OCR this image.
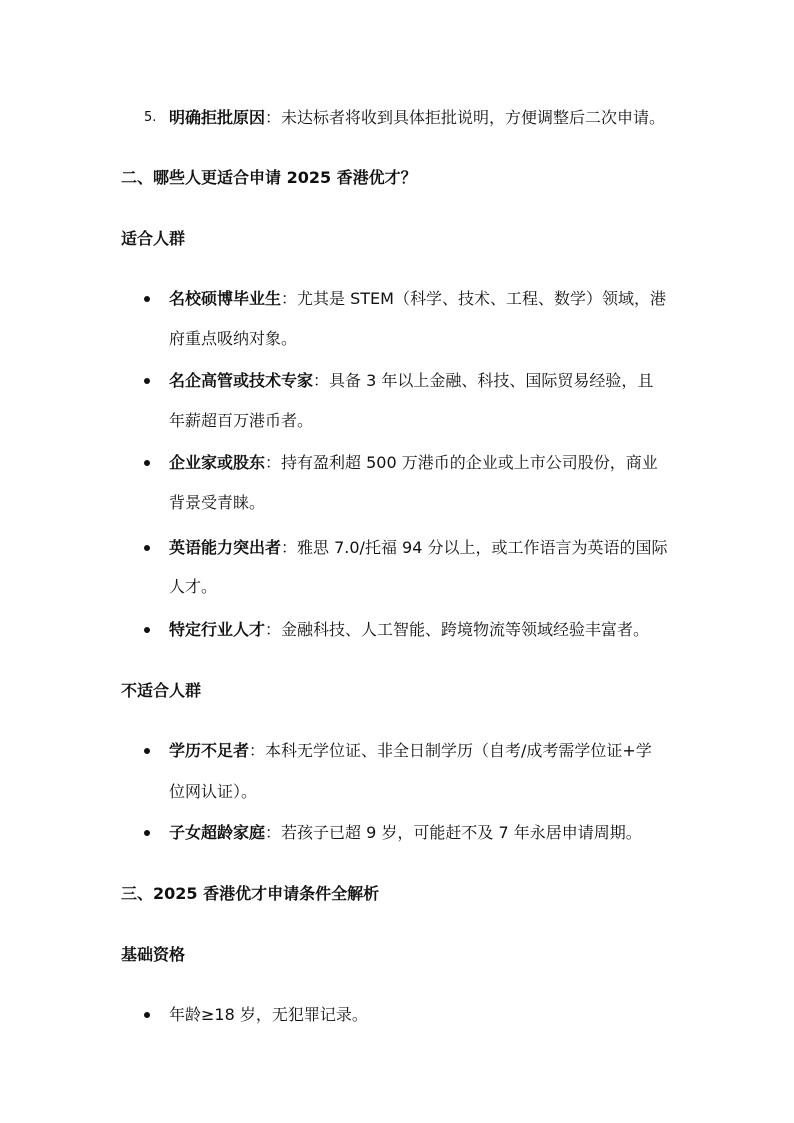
5. 明确拒批原因：未达标者将收到具体拒批说明，方便调整后二次申请。
二、哪些人更适合申请 2025 香港优才？
适合人群
名校硕博毕业生：尤其是 STEM（科学、技术、工程、数学）领域，港
府重点吸纳对象。
名企高管或技术专家：具备 3 年以上金融、科技、国际贸易经验，且
年薪超百万港币者。
企业家或股东：持有盈利超 500 万港币的企业或上市公司股份，商业
背景受青睐。
英语能力突出者：雅思 7.0/托福 94 分以上，或工作语言为英语的国际
人才。
特定行业人才：金融科技、人工智能、跨境物流等领域经验丰富者。
不适合人群
学历不足者：本科无学位证、非全日制学历（自考/成考需学位证+学
位网认证）。
子女超龄家庭：若孩子已超 9 岁，可能赶不及 7 年永居申请周期。
三、2025 香港优才申请条件全解析
基础资格
年龄≥18 岁，无犯罪记录。
